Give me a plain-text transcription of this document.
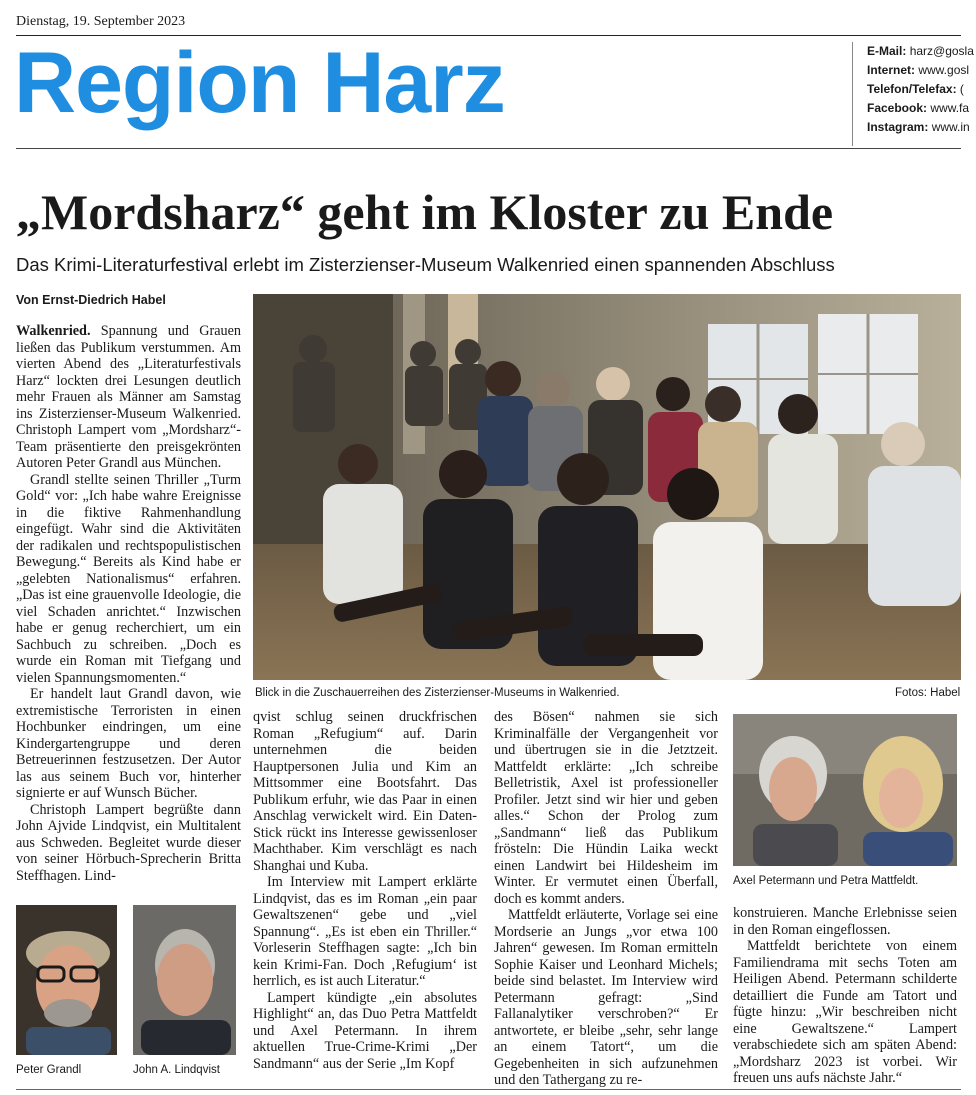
Dienstag, 19. September 2023
Region Harz	E-Mail: harz@gosla
Internet: www.gosl
Telefon/Telefax: (
Facebook: www.fa
Instagram: www.in
„Mordsharz“ geht im Kloster zu Ende
Das Krimi-Literaturfestival erlebt im Zisterzienser-Museum Walkenried einen spannenden Abschluss
Von Ernst-Diedrich Habel

Walkenried. Spannung und Grauen ließen das Publikum verstummen. Am vierten Abend des „Literaturfestivals Harz“ lockten drei Lesungen deutlich mehr Frauen als Männer am Samstag ins Zisterzienser-Museum Walkenried. Christoph Lampert vom „Mordsharz“-Team präsentierte den preisgekrönten Autoren Peter Grandl aus München.

Grandl stellte seinen Thriller „Turm Gold“ vor: „Ich habe wahre Ereignisse in die fiktive Rahmenhandlung eingefügt. Wahr sind die Aktivitäten der radikalen und rechtspopulistischen Bewegung.“ Bereits als Kind habe er „gelebten Nationalismus“ erfahren. „Das ist eine grauenvolle Ideologie, die viel Schaden anrichtet.“ Inzwischen habe er genug recherchiert, um ein Sachbuch zu schreiben. „Doch es wurde ein Roman mit Tiefgang und vielen Spannungsmomenten.“

Er handelt laut Grandl davon, wie extremistische Terroristen in einen Hochbunker eindringen, um eine Kindergartengruppe und deren Betreuerinnen festzusetzen. Der Autor las aus seinem Buch vor, hinterher signierte er auf Wunsch Bücher.

Christoph Lampert begrüßte dann John Ajvide Lindqvist, ein Multitalent aus Schweden. Begleitet wurde dieser von seiner Hörbuch-Sprecherin Britta Steffhagen. Lind-

Blick in die Zuschauerreihen des Zisterzienser-Museums in Walkenried.	Fotos: Habel

qvist schlug seinen druckfrischen Roman „Refugium“ auf. Darin unternehmen die beiden Hauptpersonen Julia und Kim an Mittsommer eine Bootsfahrt. Das Publikum erfuhr, wie das Paar in einen Anschlag verwickelt wird. Ein Daten-Stick rückt ins Interesse gewissenloser Machthaber. Kim verschlägt es nach Shanghai und Kuba.

Im Interview mit Lampert erklärte Lindqvist, das es im Roman „ein paar Gewaltszenen“ gebe und „viel Spannung“. „Es ist eben ein Thriller.“ Vorleserin Steffhagen sagte: „Ich bin kein Krimi-Fan. Doch ‚Refugium‘ ist herrlich, es ist auch Literatur.“

Lampert kündigte „ein absolutes Highlight“ an, das Duo Petra Mattfeldt und Axel Petermann. In ihrem aktuellen True-Crime-Krimi „Der Sandmann“ aus der Serie „Im Kopf

des Bösen“ nahmen sie sich Kriminalfälle der Vergangenheit vor und übertrugen sie in die Jetztzeit. Mattfeldt erklärte: „Ich schreibe Belletristik, Axel ist professioneller Profiler. Jetzt sind wir hier und geben alles.“ Schon der Prolog zum „Sandmann“ ließ das Publikum frösteln: Die Hündin Laika weckt einen Landwirt bei Hildesheim im Winter. Er vermutet einen Überfall, doch es kommt anders.

Mattfeldt erläuterte, Vorlage sei eine Mordserie an Jungs „vor etwa 100 Jahren“ gewesen. Im Roman ermitteln Sophie Kaiser und Leonhard Michels; beide sind belastet. Im Interview wird Petermann gefragt: „Sind Fallanalytiker verschroben?“ Er antwortete, er bleibe „sehr, sehr lange an einem Tatort“, um die Gegebenheiten in sich aufzunehmen und den Tathergang zu re-

Axel Petermann und Petra Mattfeldt.

konstruieren. Manche Erlebnisse seien in den Roman eingeflossen.

Mattfeldt berichtete von einem Familiendrama mit sechs Toten am Heiligen Abend. Petermann schilderte detailliert die Funde am Tatort und fügte hinzu: „Wir beschreiben nicht eine Gewaltszene.“ Lampert verabschiedete sich am späten Abend: „Mordsharz 2023 ist vorbei. Wir freuen uns aufs nächste Jahr.“

Peter Grandl	John A. Lindqvist
